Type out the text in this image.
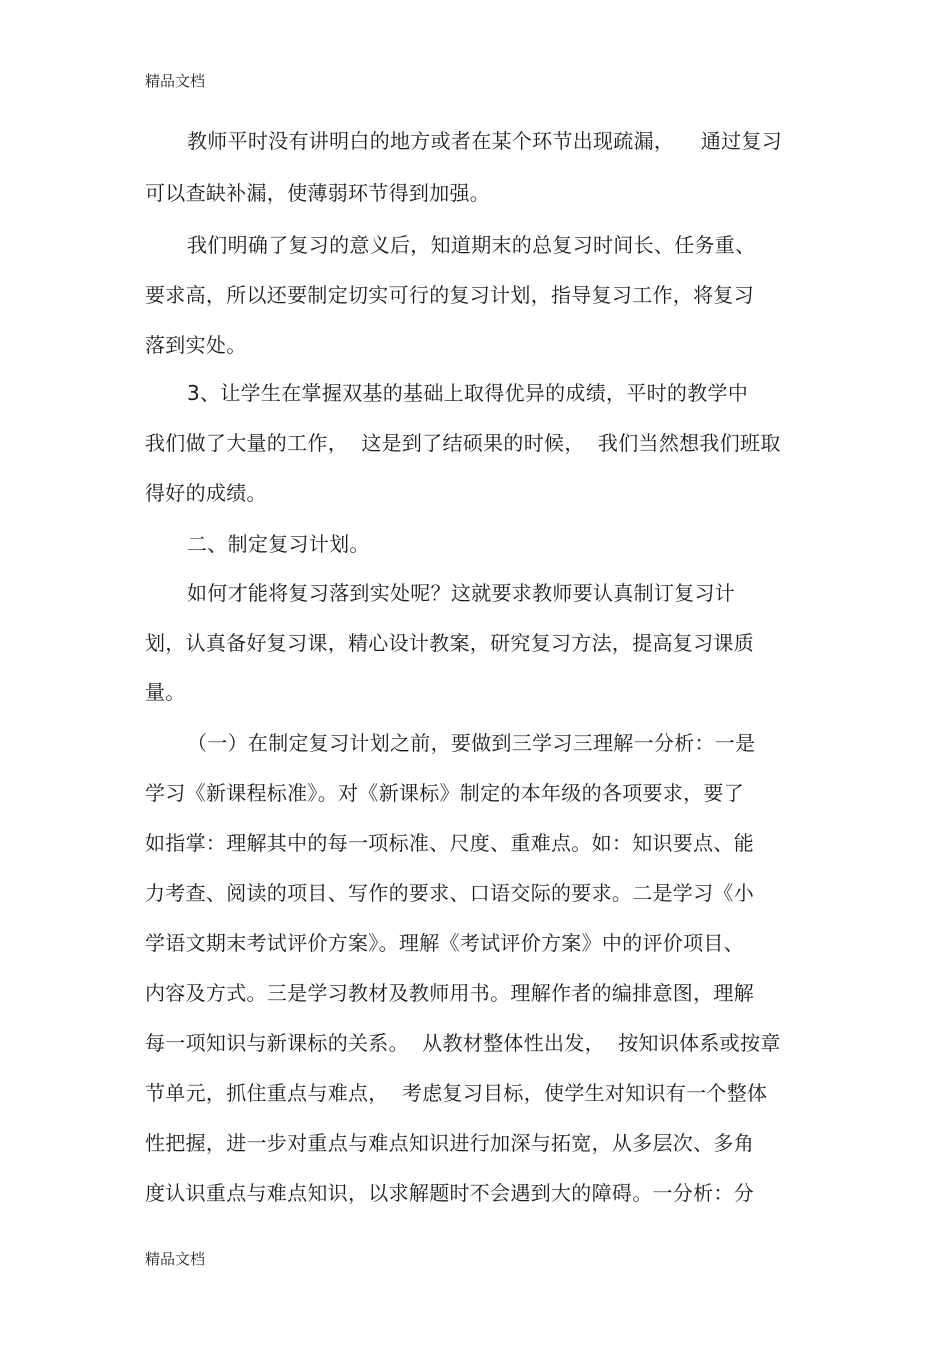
精品文档
教师平时没有讲明白的地方或者在某个环节出现疏漏，    通过复习
可以查缺补漏，使薄弱环节得到加强。
我们明确了复习的意义后，知道期末的总复习时间长、任务重、
要求高，所以还要制定切实可行的复习计划，指导复习工作，将复习
落到实处。
3、让学生在掌握双基的基础上取得优异的成绩，平时的教学中
我们做了大量的工作，  这是到了结硕果的时候，  我们当然想我们班取
得好的成绩。
二、制定复习计划。
如何才能将复习落到实处呢？这就要求教师要认真制订复习计
划，认真备好复习课，精心设计教案，研究复习方法，提高复习课质
量。
（一）在制定复习计划之前，要做到三学习三理解一分析：一是
学习《新课程标准》。对《新课标》制定的本年级的各项要求，要了
如指掌：理解其中的每一项标准、尺度、重难点。如：知识要点、能
力考查、阅读的项目、写作的要求、口语交际的要求。二是学习《小
学语文期末考试评价方案》。理解《考试评价方案》中的评价项目、
内容及方式。三是学习教材及教师用书。理解作者的编排意图，理解
每一项知识与新课标的关系。  从教材整体性出发，  按知识体系或按章
节单元，抓住重点与难点，  考虑复习目标，使学生对知识有一个整体
性把握，进一步对重点与难点知识进行加深与拓宽，从多层次、多角
度认识重点与难点知识，以求解题时不会遇到大的障碍。一分析：分
精品文档
